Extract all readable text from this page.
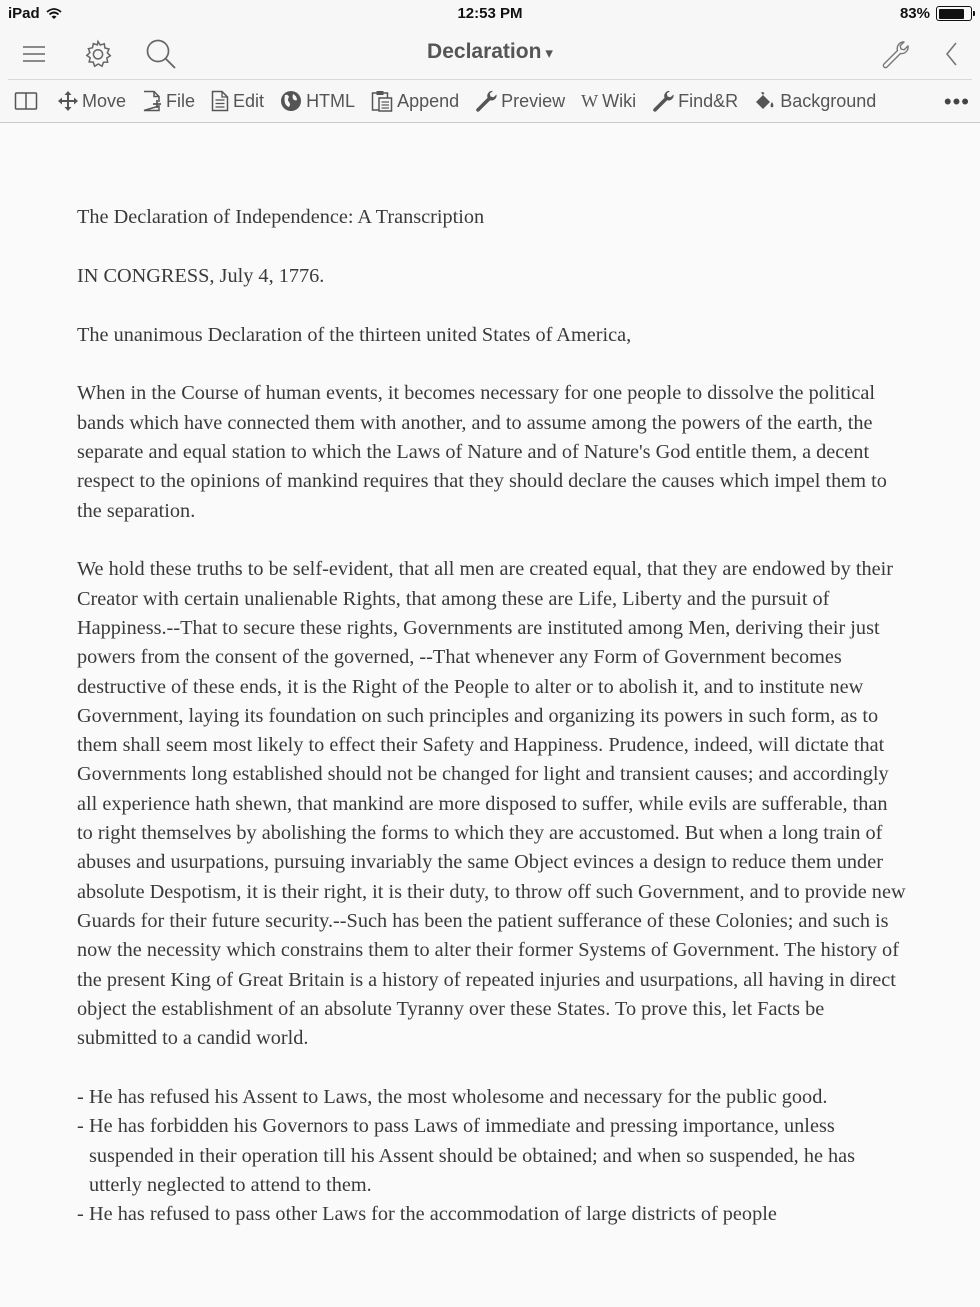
iPad	12:53 PM	83%
Declaration ▾
Move File Edit HTML Append Preview W Wiki Find&R Background	•••

The Declaration of Independence: A Transcription

IN CONGRESS, July 4, 1776.

The unanimous Declaration of the thirteen united States of America,

When in the Course of human events, it becomes necessary for one people to dissolve the political bands which have connected them with another, and to assume among the powers of the earth, the separate and equal station to which the Laws of Nature and of Nature's God entitle them, a decent respect to the opinions of mankind requires that they should declare the causes which impel them to the separation.

We hold these truths to be self-evident, that all men are created equal, that they are endowed by their Creator with certain unalienable Rights, that among these are Life, Liberty and the pursuit of Happiness.--That to secure these rights, Governments are instituted among Men, deriving their just powers from the consent of the governed, --That whenever any Form of Government becomes destructive of these ends, it is the Right of the People to alter or to abolish it, and to institute new Government, laying its foundation on such principles and organizing its powers in such form, as to them shall seem most likely to effect their Safety and Happiness. Prudence, indeed, will dictate that Governments long established should not be changed for light and transient causes; and accordingly all experience hath shewn, that mankind are more disposed to suffer, while evils are sufferable, than to right themselves by abolishing the forms to which they are accustomed. But when a long train of abuses and usurpations, pursuing invariably the same Object evinces a design to reduce them under absolute Despotism, it is their right, it is their duty, to throw off such Government, and to provide new Guards for their future security.--Such has been the patient sufferance of these Colonies; and such is now the necessity which constrains them to alter their former Systems of Government. The history of the present King of Great Britain is a history of repeated injuries and usurpations, all having in direct object the establishment of an absolute Tyranny over these States. To prove this, let Facts be submitted to a candid world.

- He has refused his Assent to Laws, the most wholesome and necessary for the public good.
- He has forbidden his Governors to pass Laws of immediate and pressing importance, unless suspended in their operation till his Assent should be obtained; and when so suspended, he has utterly neglected to attend to them.
- He has refused to pass other Laws for the accommodation of large districts of people
